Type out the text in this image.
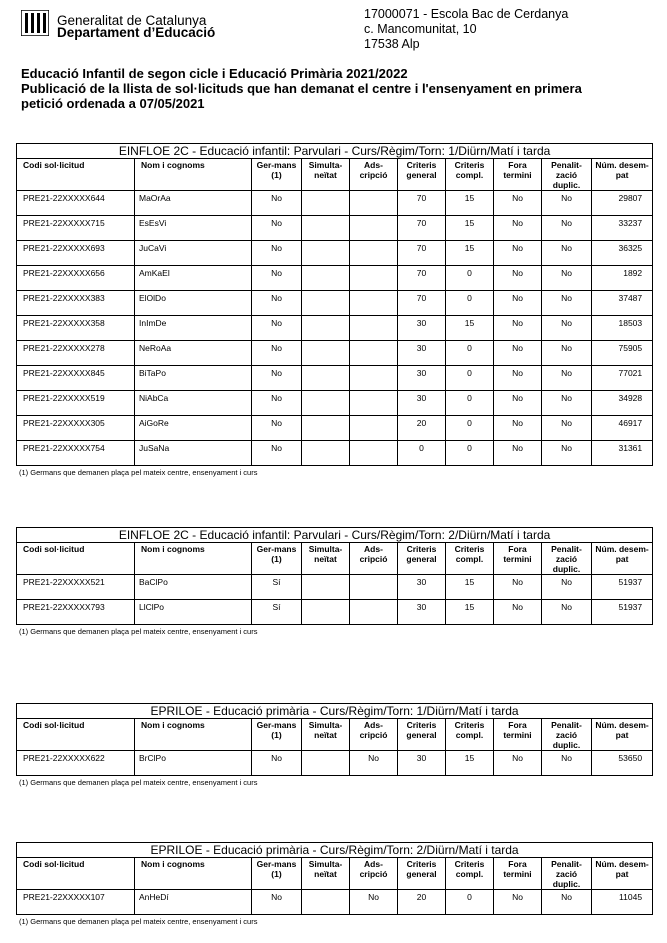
Generalitat de Catalunya
Departament d’Educació
17000071 - Escola Bac de Cerdanya
c. Mancomunitat, 10
17538 Alp
Educació Infantil de segon cicle i Educació Primària 2021/2022
Publicació de la llista de sol·licituds que han demanat el centre i l'ensenyament en primera
petició ordenada a 07/05/2021
EINFLOE 2C - Educació infantil: Parvulari - Curs/Règim/Torn: 1/Diürn/Matí i tarda									
Codi sol·licitud	Nom i cognoms	Ger-mans (1)	Simulta-neïtat	Ads-cripció	Criteris general	Criteris compl.	Fora termini	Penalit-zació duplic.	Núm. desem-pat
PRE21-22XXXXX644	MaOrAa	No			70	15	No	No	29807
PRE21-22XXXXX715	EsEsVi	No			70	15	No	No	33237
PRE21-22XXXXX693	JuCaVi	No			70	15	No	No	36325
PRE21-22XXXXX656	AmKaEl	No			70	0	No	No	1892
PRE21-22XXXXX383	ElOlDo	No			70	0	No	No	37487
PRE21-22XXXXX358	InImDe	No			30	15	No	No	18503
PRE21-22XXXXX278	NeRoAa	No			30	0	No	No	75905
PRE21-22XXXXX845	BiTaPo	No			30	0	No	No	77021
PRE21-22XXXXX519	NiAbCa	No			30	0	No	No	34928
PRE21-22XXXXX305	AiGoRe	No			20	0	No	No	46917
PRE21-22XXXXX754	JuSaNa	No			0	0	No	No	31361
(1) Germans que demanen plaça pel mateix centre, ensenyament i curs
EINFLOE 2C - Educació infantil: Parvulari - Curs/Règim/Torn: 2/Diürn/Matí i tarda									
Codi sol·licitud	Nom i cognoms	Ger-mans (1)	Simulta-neïtat	Ads-cripció	Criteris general	Criteris compl.	Fora termini	Penalit-zació duplic.	Núm. desem-pat
PRE21-22XXXXX521	BaClPo	Sí			30	15	No	No	51937
PRE21-22XXXXX793	LlClPo	Sí			30	15	No	No	51937
(1) Germans que demanen plaça pel mateix centre, ensenyament i curs
EPRILOE - Educació primària - Curs/Règim/Torn: 1/Diürn/Matí i tarda									
Codi sol·licitud	Nom i cognoms	Ger-mans (1)	Simulta-neïtat	Ads-cripció	Criteris general	Criteris compl.	Fora termini	Penalit-zació duplic.	Núm. desem-pat
PRE21-22XXXXX622	BrClPo	No		No	30	15	No	No	53650
(1) Germans que demanen plaça pel mateix centre, ensenyament i curs
EPRILOE - Educació primària - Curs/Règim/Torn: 2/Diürn/Matí i tarda									
Codi sol·licitud	Nom i cognoms	Ger-mans (1)	Simulta-neïtat	Ads-cripció	Criteris general	Criteris compl.	Fora termini	Penalit-zació duplic.	Núm. desem-pat
PRE21-22XXXXX107	AnHeDí	No		No	20	0	No	No	11045
(1) Germans que demanen plaça pel mateix centre, ensenyament i curs
